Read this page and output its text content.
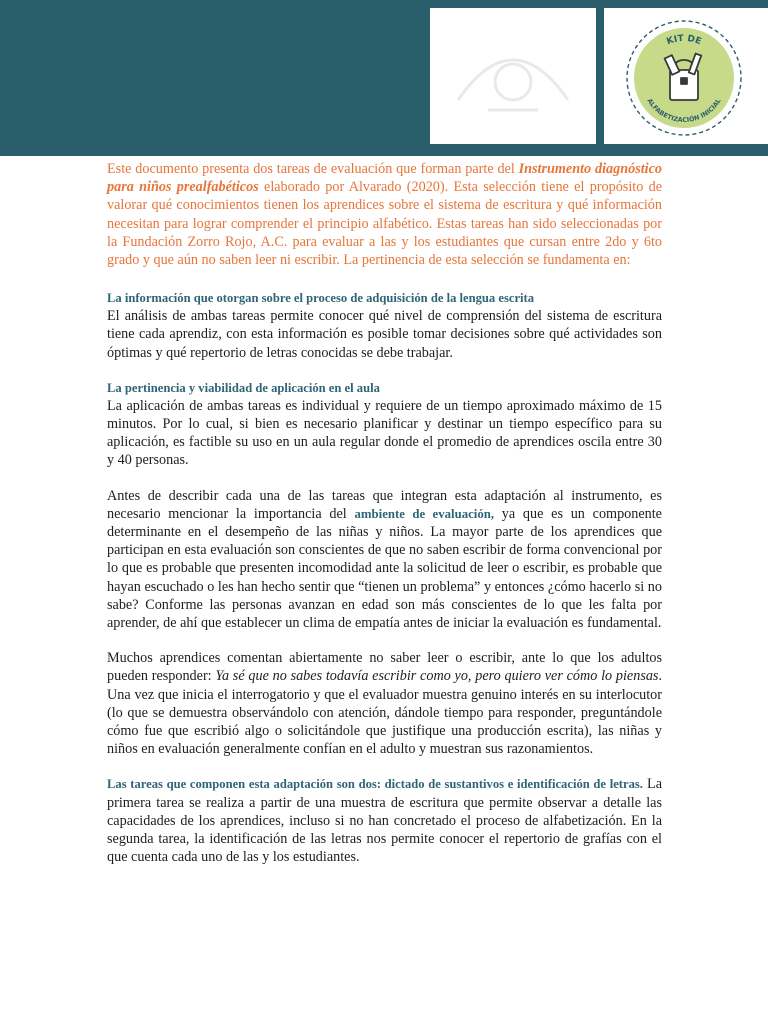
KIT DE
ALFABETIZACIÓN INICIAL

Este documento presenta dos tareas de evaluación que forman parte del Instrumento diagnóstico para niños prealfabéticos elaborado por Alvarado (2020). Esta selección tiene el propósito de valorar qué conocimientos tienen los aprendices sobre el sistema de escritura y qué información necesitan para lograr comprender el principio alfabético. Estas tareas han sido seleccionadas por la Fundación Zorro Rojo, A.C. para evaluar a las y los estudiantes que cursan entre 2do y 6to grado y que aún no saben leer ni escribir. La pertinencia de esta selección se fundamenta en:

La información que otorgan sobre el proceso de adquisición de la lengua escrita

El análisis de ambas tareas permite conocer qué nivel de comprensión del sistema de escritura tiene cada aprendiz, con esta información es posible tomar decisiones sobre qué actividades son óptimas y qué repertorio de letras conocidas se debe trabajar.

La pertinencia y viabilidad de aplicación en el aula

La aplicación de ambas tareas es individual y requiere de un tiempo aproximado máximo de 15 minutos. Por lo cual, si bien es necesario planificar y destinar un tiempo específico para su aplicación, es factible su uso en un aula regular donde el promedio de aprendices oscila entre 30 y 40 personas.

Antes de describir cada una de las tareas que integran esta adaptación al instrumento, es necesario mencionar la importancia del ambiente de evaluación, ya que es un componente determinante en el desempeño de las niñas y niños. La mayor parte de los aprendices que participan en esta evaluación son conscientes de que no saben escribir de forma convencional por lo que es probable que presenten incomodidad ante la solicitud de leer o escribir, es probable que hayan escuchado o les han hecho sentir que “tienen un problema” y entonces ¿cómo hacerlo si no sabe? Conforme las personas avanzan en edad son más conscientes de lo que les falta por aprender, de ahí que establecer un clima de empatía antes de iniciar la evaluación es fundamental.

Muchos aprendices comentan abiertamente no saber leer o escribir, ante lo que los adultos pueden responder: Ya sé que no sabes todavía escribir como yo, pero quiero ver cómo lo piensas. Una vez que inicia el interrogatorio y que el evaluador muestra genuino interés en su interlocutor (lo que se demuestra observándolo con atención, dándole tiempo para responder, preguntándole cómo fue que escribió algo o solicitándole que justifique una producción escrita), las niñas y niños en evaluación generalmente confían en el adulto y muestran sus razonamientos.

Las tareas que componen esta adaptación son dos: dictado de sustantivos e identificación de letras. La primera tarea se realiza a partir de una muestra de escritura que permite observar a detalle las capacidades de los aprendices, incluso si no han concretado el proceso de alfabetización. En la segunda tarea, la identificación de las letras nos permite conocer el repertorio de grafías con el que cuenta cada uno de las y los estudiantes.
